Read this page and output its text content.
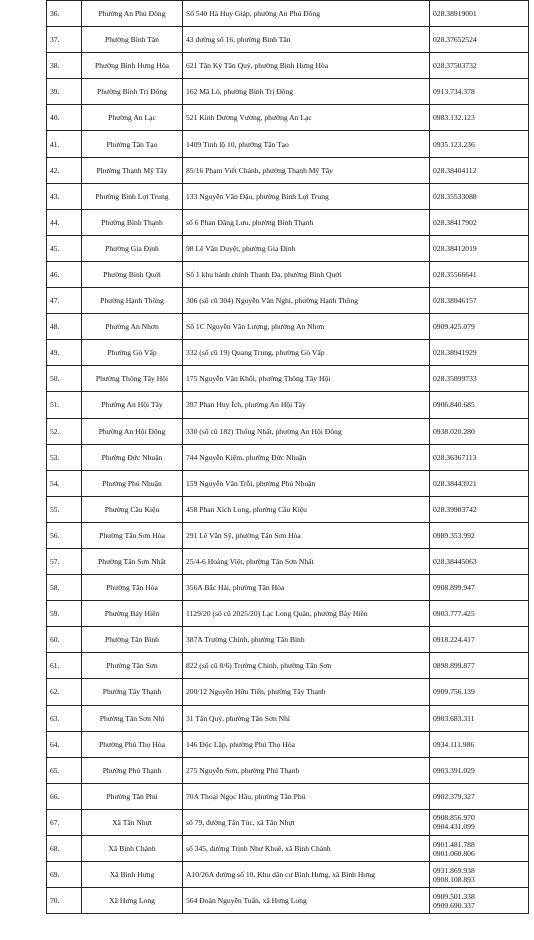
36.	Phường An Phú Đông	Số 540 Hà Huy Giáp, phường An Phú Đông	028.38919001

37.	Phường Bình Tân	43 đường số 16, phường Bình Tân	028.37652524

38.	Phường Bình Hưng Hòa	621 Tân Kỳ Tân Quý, phường Bình Hưng Hòa	028.37503732

39.	Phường Bình Trị Đông	162 Mã Lò, phường Bình Trị Đông	0913.734.378

40.	Phường An Lạc	521 Kinh Dương Vương, phường An Lạc	0983.132.123

41.	Phường Tân Tạo	1409 Tỉnh lộ 10, phường Tân Tạo	0935.123.236

42.	Phường Thạnh Mỹ Tây	85/16 Phạm Viết Chánh, phường Thạnh Mỹ Tây	028.38404112

43.	Phường Bình Lợi Trung	133 Nguyễn Văn Đậu, phường Bình Lợi Trung	028.35533088

44.	Phường Bình Thạnh	số 6 Phan Đăng Lưu, phường Bình Thạnh	028.38417902

45.	Phường Gia Định	98 Lê Văn Duyệt, phường Gia Định	028.38412019

46.	Phường Bình Quới	Số 1 khu hành chính Thanh Đa, phường Bình Quới	028.35566641

47.	Phường Hạnh Thông	306 (số cũ 304) Nguyễn Văn Nghi, phường Hạnh Thông	028.38946157

48.	Phường An Nhơn	Số 1C Nguyễn Văn Lượng, phường An Nhơn	0909.425.079

49.	Phường Gò Vấp	332 (số cũ 19) Quang Trung, phường Gò Vấp	028.38941929

50.	Phường Thông Tây Hội	175 Nguyễn Văn Khối, phường Thông Tây Hội	028.35899733

51.	Phường An Hội Tây	397 Phan Huy Ích, phường An Hội Tây	0906.840.685

52.	Phường An Hội Đông	330 (số cũ 182) Thống Nhất, phường An Hội Đông	0938.020.280

53.	Phường Đức Nhuận	744 Nguyễn Kiệm, phường Đức Nhuận	028.36367113

54.	Phường Phú Nhuận	159 Nguyễn Văn Trỗi, phường Phú Nhuận	028.38443921

55.	Phường Cầu Kiệu	458 Phan Xích Long, phường Cầu Kiệu	028.39903742

56.	Phường Tân Sơn Hòa	291 Lê Văn Sỹ, phường Tân Sơn Hòa	0989.353.992

57.	Phường Tân Sơn Nhất	25/4-6 Hoàng Việt, phường Tân Sơn Nhất	028.38445063

58.	Phường Tân Hòa	356A Bắc Hải, phường Tân Hòa	0908.899.947

59.	Phường Bảy Hiền	1129/20 (số cũ 2025/20) Lạc Long Quân, phường Bảy Hiền	0903.777.425

60.	Phường Tân Bình	387A Trường Chinh, phường Tân Bình	0918.224.417

61.	Phường Tân Sơn	822 (số cũ 8/6) Trường Chinh, phường Tân Sơn	0898.899.877

62.	Phường Tây Thạnh	200/12 Nguyễn Hữu Tiến, phường Tây Thạnh	0909.756.139

63.	Phường Tân Sơn Nhì	31 Tân Quý, phường Tân Sơn Nhì	0903.683.311

64.	Phường Phú Thọ Hòa	146 Độc Lập, phường Phú Thọ Hòa	0934.111.986

65.	Phường Phú Thạnh	275 Nguyễn Sơn, phường Phú Thạnh	0903.391.029

66.	Phường Tân Phú	70A Thoại Ngọc Hầu, phường Tân Phú	0902.379.327

67.	Xã Tân Nhựt	số 79, đường Tân Túc, xã Tân Nhựt	0908.856.970
0904.431.099

68.	Xã Bình Chánh	số 345, đường Trịnh Như Khuê, xã Bình Chánh	0901.481.788
0901.060.806

69.	Xã Bình Hưng	A10/26A đường số 10, Khu dân cư Bình Hưng, xã Bình Hưng	0931.869.938
0908.108.893

70.	Xã Hưng Long	564 Đoàn Nguyễn Tuấn, xã Hưng Long	0909.501.338
0909.690.337
